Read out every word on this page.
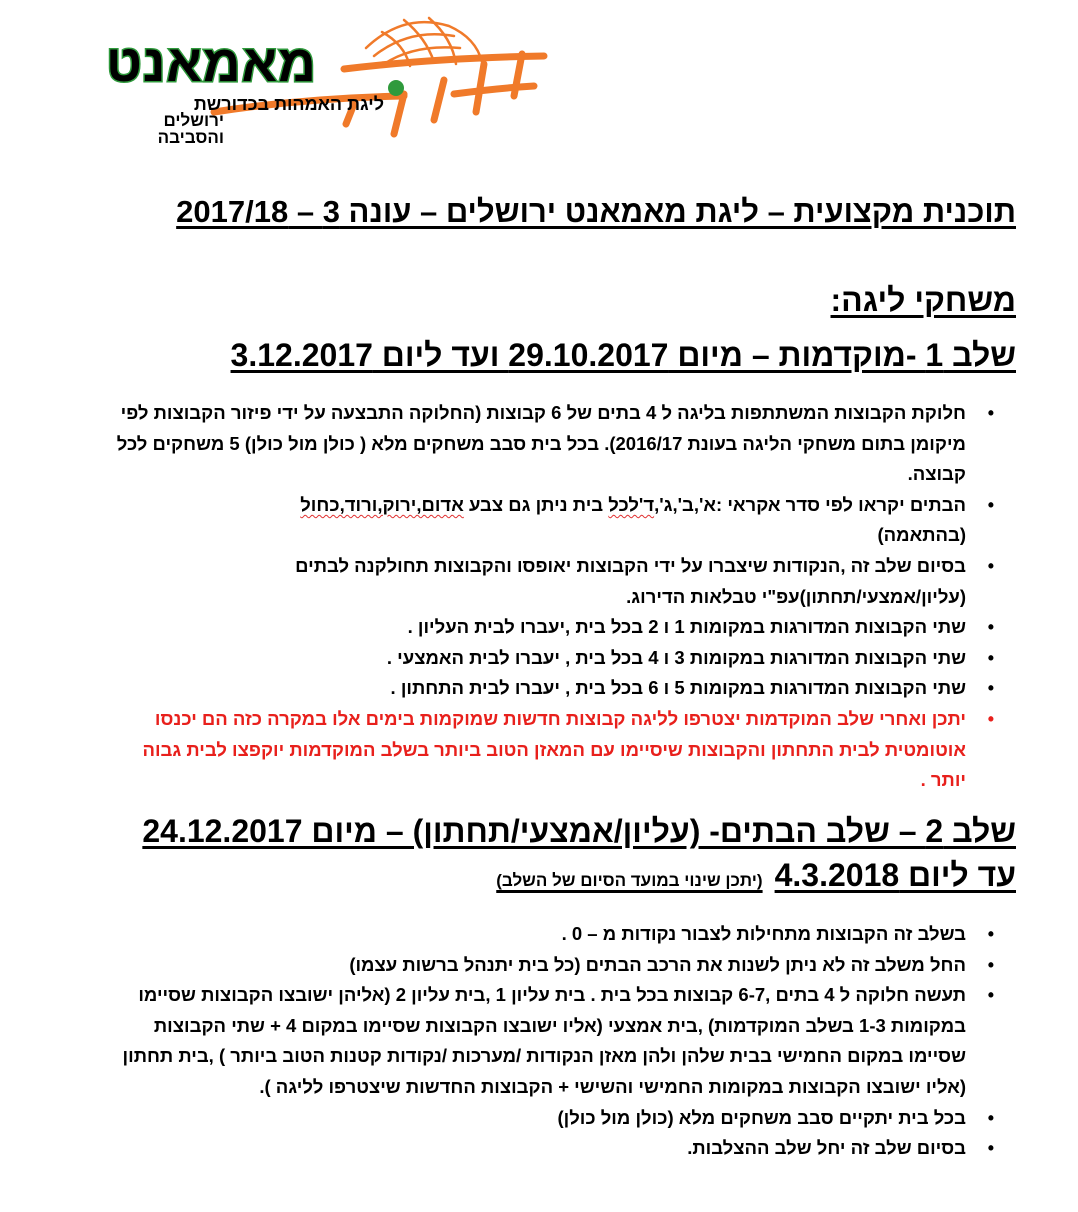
מאמאנט
ליגת האמהות בכדורשת
ירושלים
והסביבה
תוכנית מקצועית – ליגת מאמאנט ירושלים – עונה 3 – 2017/18
משחקי ליגה:
שלב 1 -מוקדמות – מיום 29.10.2017 ועד ליום 3.12.2017
• חלוקת הקבוצות המשתתפות בליגה ל 4 בתים של 6 קבוצות (החלוקה התבצעה על ידי פיזור הקבוצות לפי מיקומן בתום משחקי הליגה בעונת 2016/17). בכל בית סבב משחקים מלא ( כולן מול כולן) 5 משחקים לכל קבוצה.
• הבתים יקראו לפי סדר אקראי :א',ב',ג',ד'לכל בית ניתן גם צבע אדום,ירוק,ורוד,כחול
(בהתאמה)
• בסיום שלב זה ,הנקודות שיצברו על ידי הקבוצות יאופסו והקבוצות תחולקנה לבתים (עליון/אמצעי/תחתון)עפ"י טבלאות הדירוג.
• שתי הקבוצות המדורגות במקומות 1 ו 2 בכל בית ,יעברו לבית העליון .
• שתי הקבוצות המדורגות במקומות 3 ו 4 בכל בית , יעברו לבית האמצעי .
• שתי הקבוצות המדורגות במקומות 5 ו 6 בכל בית , יעברו לבית התחתון .
• יתכן ואחרי שלב המוקדמות יצטרפו לליגה קבוצות חדשות שמוקמות בימים אלו במקרה כזה הם יכנסו אוטומטית לבית התחתון והקבוצות שיסיימו עם המאזן הטוב ביותר בשלב המוקדמות יוקפצו לבית גבוה יותר .
שלב 2 – שלב הבתים- (עליון/אמצעי/תחתון) – מיום 24.12.2017
עד ליום 4.3.2018(יתכן שינוי במועד הסיום של השלב)
• בשלב זה הקבוצות מתחילות לצבור נקודות מ – 0 .
• החל משלב זה לא ניתן לשנות את הרכב הבתים (כל בית יתנהל ברשות עצמו)
• תעשה חלוקה ל 4 בתים ,6-7 קבוצות בכל בית . בית עליון 1 ,בית עליון 2 (אליהן ישובצו הקבוצות שסיימו במקומות 1-3 בשלב המוקדמות) ,בית אמצעי (אליו ישובצו הקבוצות שסיימו במקום 4 + שתי הקבוצות שסיימו במקום החמישי בבית שלהן ולהן מאזן הנקודות /מערכות /נקודות קטנות הטוב ביותר ) ,בית תחתון (אליו ישובצו הקבוצות במקומות החמישי והשישי + הקבוצות החדשות שיצטרפו לליגה ).
• בכל בית יתקיים סבב משחקים מלא (כולן מול כולן)
• בסיום שלב זה יחל שלב ההצלבות.
